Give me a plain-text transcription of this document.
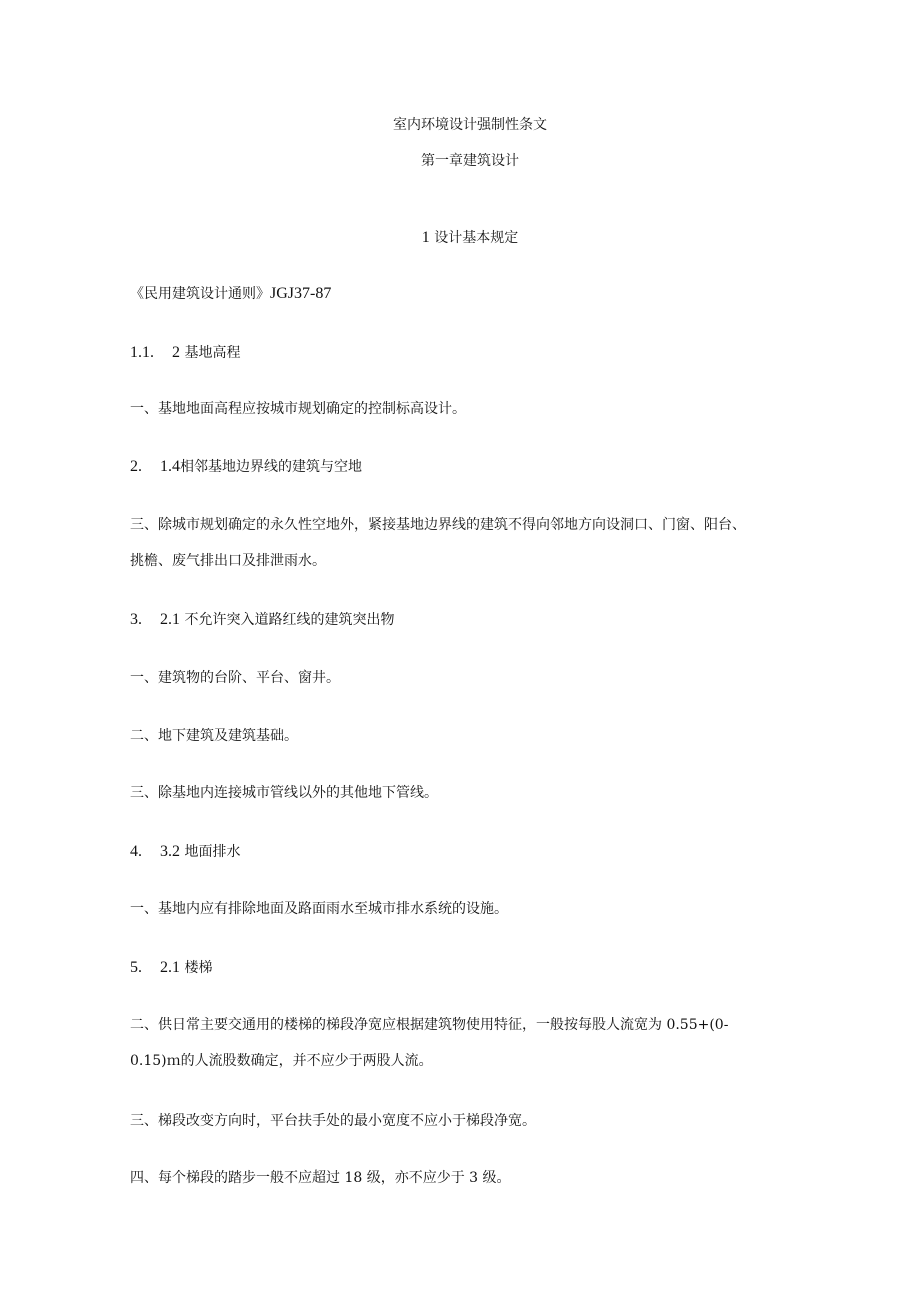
室内环境设计强制性条文
第一章建筑设计
1 设计基本规定
《民用建筑设计通则》JGJ37-87
1.1. 2 基地高程
一、基地地面高程应按城市规划确定的控制标高设计。
2. 1.4相邻基地边界线的建筑与空地
三、除城市规划确定的永久性空地外，紧接基地边界线的建筑不得向邻地方向设洞口、门窗、阳台、
挑檐、废气排出口及排泄雨水。
3. 2.1 不允许突入道路红线的建筑突出物
一、建筑物的台阶、平台、窗井。
二、地下建筑及建筑基础。
三、除基地内连接城市管线以外的其他地下管线。
4. 3.2 地面排水
一、基地内应有排除地面及路面雨水至城市排水系统的设施。
5. 2.1 楼梯
二、供日常主要交通用的楼梯的梯段净宽应根据建筑物使用特征，一般按每股人流宽为 0.55+(0-
0.15)ｍ的人流股数确定，并不应少于两股人流。
三、梯段改变方向时，平台扶手处的最小宽度不应小于梯段净宽。
四、每个梯段的踏步一般不应超过 18 级，亦不应少于 3 级。
